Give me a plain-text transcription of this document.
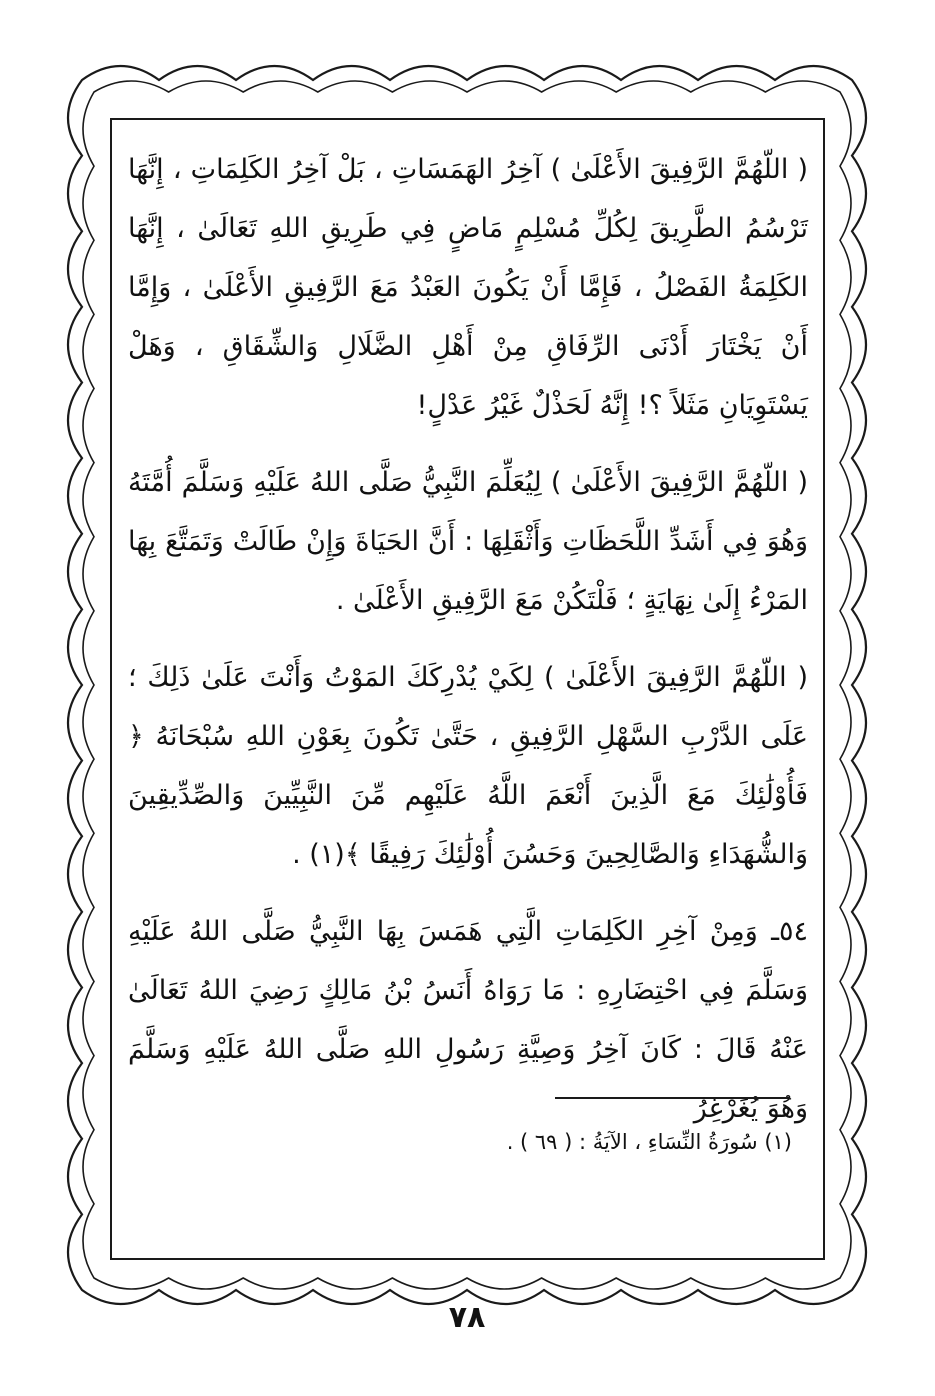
( اللّهُمَّ الرَّفِيقَ الأَعْلَىٰ ) آخِرُ الهَمَسَاتِ ، بَلْ آخِرُ الكَلِمَاتِ ، إِنَّهَا تَرْسُمُ الطَّرِيقَ لِكُلِّ مُسْلِمٍ مَاضٍ فِي طَرِيقِ اللهِ تَعَالَىٰ ، إِنَّهَا الكَلِمَةُ الفَصْلُ ، فَإِمَّا أَنْ يَكُونَ العَبْدُ مَعَ الرَّفِيقِ الأَعْلَىٰ ، وَإِمَّا أَنْ يَخْتَارَ أَدْنَى الرِّفَاقِ مِنْ أَهْلِ الضَّلَالِ وَالشِّقَاقِ ، وَهَلْ يَسْتَوِيَانِ مَثَلاً ؟! إِنَّهُ لَحَذْلٌ غَيْرُ عَدْلٍ!

( اللّهُمَّ الرَّفِيقَ الأَعْلَىٰ ) لِيُعَلِّمَ النَّبِيُّ صَلَّى اللهُ عَلَيْهِ وَسَلَّمَ أُمَّتَهُ وَهُوَ فِي أَشَدِّ اللَّحَظَاتِ وَأَثْقَلِهَا : أَنَّ الحَيَاةَ وَإِنْ طَالَتْ وَتَمَتَّعَ بِهَا المَرْءُ إِلَىٰ نِهَايَةٍ ؛ فَلْتَكُنْ مَعَ الرَّفِيقِ الأَعْلَىٰ .

( اللّهُمَّ الرَّفِيقَ الأَعْلَىٰ ) لِكَيْ يُدْرِكَكَ المَوْتُ وَأَنْتَ عَلَىٰ ذَلِكَ ؛ عَلَى الدَّرْبِ السَّهْلِ الرَّفِيقِ ، حَتَّىٰ تَكُونَ بِعَوْنِ اللهِ سُبْحَانَهُ ﴿ فَأُوْلَٰئِكَ مَعَ الَّذِينَ أَنْعَمَ اللَّهُ عَلَيْهِم مِّنَ النَّبِيِّينَ وَالصِّدِّيقِينَ وَالشُّهَدَاءِ وَالصَّالِحِينَ وَحَسُنَ أُوْلَٰئِكَ رَفِيقًا ﴾(١) .

٥٤ـ وَمِنْ آخِرِ الكَلِمَاتِ الَّتِي هَمَسَ بِهَا النَّبِيُّ صَلَّى اللهُ عَلَيْهِ وَسَلَّمَ فِي احْتِضَارِهِ : مَا رَوَاهُ أَنَسُ بْنُ مَالِكٍ رَضِيَ اللهُ تَعَالَىٰ عَنْهُ قَالَ : كَانَ آخِرُ وَصِيَّةِ رَسُولِ اللهِ صَلَّى اللهُ عَلَيْهِ وَسَلَّمَ وَهُوَ يُغَرْغِرُ

(١) سُورَةُ النِّسَاءِ ، الآيَةُ : ( ٦٩ ) .
٧٨
